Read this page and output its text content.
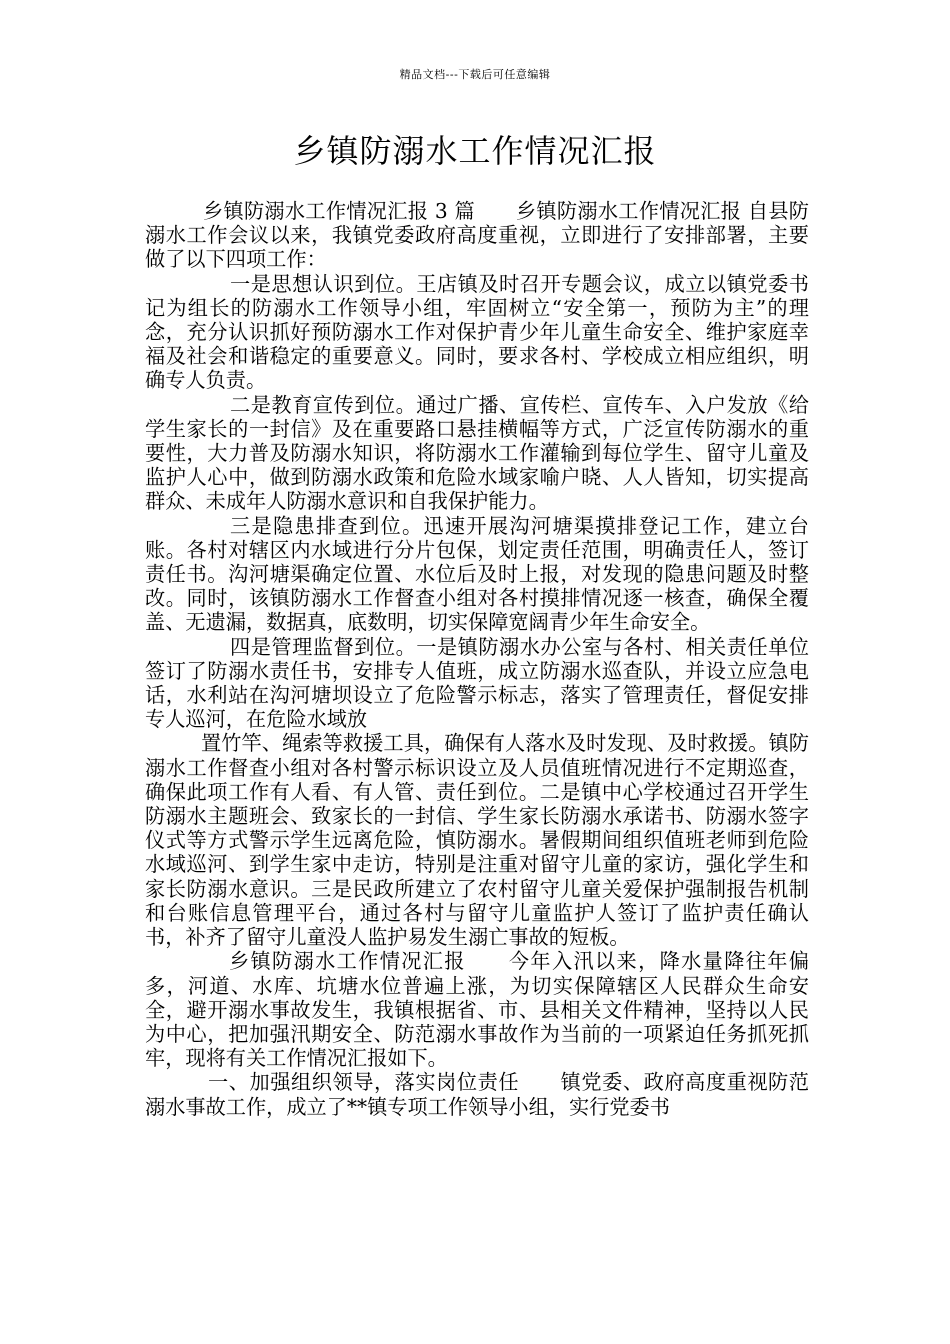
精品文档---下载后可任意编辑
乡镇防溺水工作情况汇报

乡镇防溺水工作情况汇报 3 篇　　乡镇防溺水工作情况汇报 自县防溺水工作会议以来，我镇党委政府高度重视，立即进行了安排部署，主要做了以下四项工作：

一是思想认识到位。王店镇及时召开专题会议，成立以镇党委书记为组长的防溺水工作领导小组，牢固树立“安全第一，预防为主”的理念，充分认识抓好预防溺水工作对保护青少年儿童生命安全、维护家庭幸福及社会和谐稳定的重要意义。同时，要求各村、学校成立相应组织，明确专人负责。

二是教育宣传到位。通过广播、宣传栏、宣传车、入户发放《给学生家长的一封信》及在重要路口悬挂横幅等方式，广泛宣传防溺水的重要性，大力普及防溺水知识，将防溺水工作灌输到每位学生、留守儿童及监护人心中，做到防溺水政策和危险水域家喻户晓、人人皆知，切实提高群众、未成年人防溺水意识和自我保护能力。

三是隐患排查到位。迅速开展沟河塘渠摸排登记工作，建立台账。各村对辖区内水域进行分片包保，划定责任范围，明确责任人，签订责任书。沟河塘渠确定位置、水位后及时上报，对发现的隐患问题及时整改。同时，该镇防溺水工作督查小组对各村摸排情况逐一核查，确保全覆盖、无遗漏，数据真，底数明，切实保障宽阔青少年生命安全。

四是管理监督到位。一是镇防溺水办公室与各村、相关责任单位签订了防溺水责任书，安排专人值班，成立防溺水巡查队，并设立应急电话，水利站在沟河塘坝设立了危险警示标志，落实了管理责任，督促安排专人巡河，在危险水域放

置竹竿、绳索等救援工具，确保有人落水及时发现、及时救援。镇防溺水工作督查小组对各村警示标识设立及人员值班情况进行不定期巡查，确保此项工作有人看、有人管、责任到位。二是镇中心学校通过召开学生防溺水主题班会、致家长的一封信、学生家长防溺水承诺书、防溺水签字仪式等方式警示学生远离危险，慎防溺水。暑假期间组织值班老师到危险水域巡河、到学生家中走访，特别是注重对留守儿童的家访，强化学生和家长防溺水意识。三是民政所建立了农村留守儿童关爱保护强制报告机制和台账信息管理平台，通过各村与留守儿童监护人签订了监护责任确认书，补齐了留守儿童没人监护易发生溺亡事故的短板。

乡镇防溺水工作情况汇报　　今年入汛以来，降水量降往年偏多，河道、水库、坑塘水位普遍上涨，为切实保障辖区人民群众生命安全，避开溺水事故发生，我镇根据省、市、县相关文件精神，坚持以人民为中心，把加强汛期安全、防范溺水事故作为当前的一项紧迫任务抓死抓牢，现将有关工作情况汇报如下。

一、加强组织领导，落实岗位责任　　镇党委、政府高度重视防范溺水事故工作，成立了**镇专项工作领导小组，实行党委书
